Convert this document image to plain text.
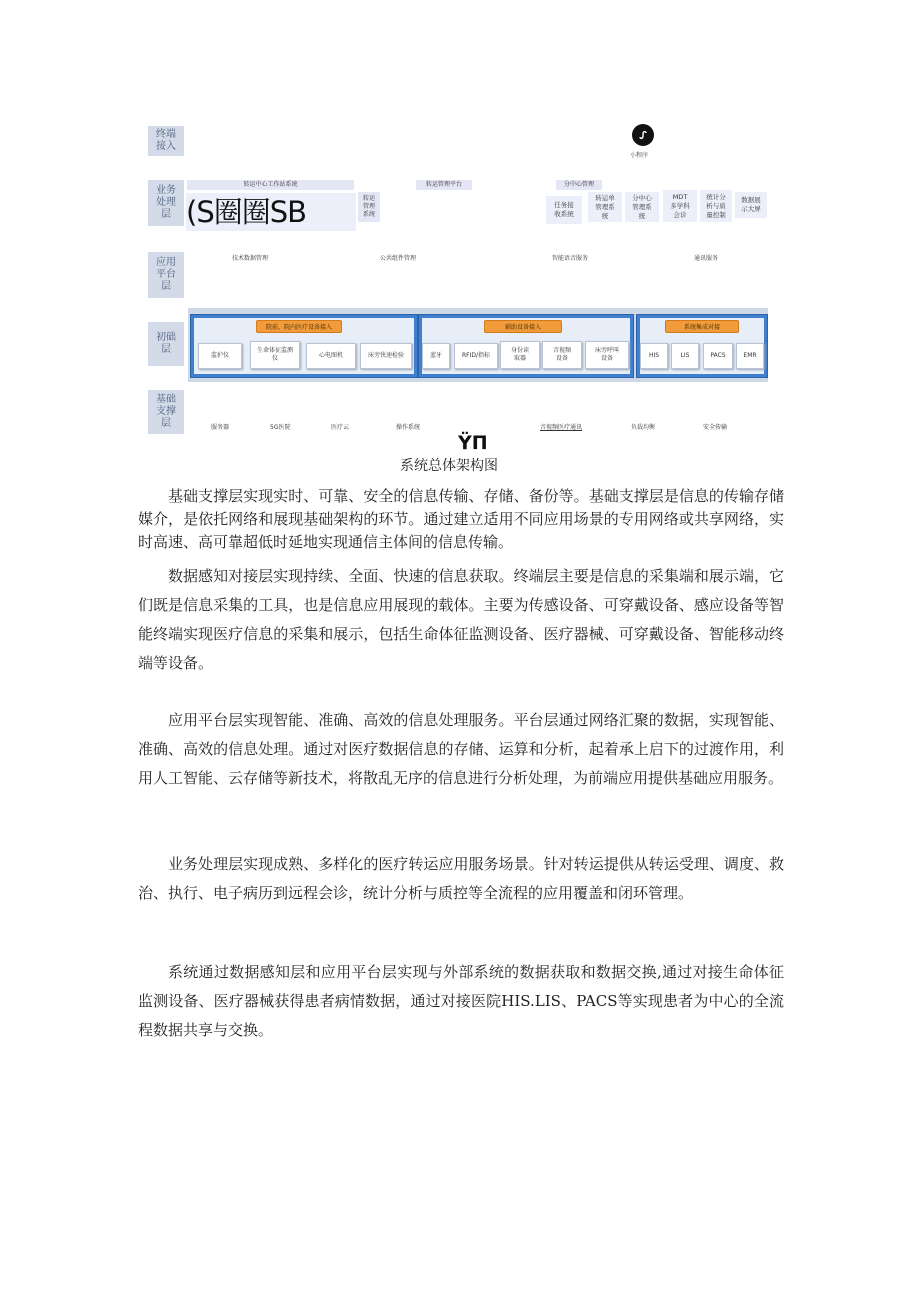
终端
接入
业务
处理
层
应用
平台
层
初础
层
基础
支撑
层
小程序
转运中心工作站系统
(S圈圈SB	转运
管理
系统
转运管理平台	分中心管理
任务接
收系统
转运单
管理系
统
分中心
管理系
统
MDT
多学科
会诊
统计分
析与质
量控制
数据展
示大屏
技术数据管理	公共组件管理	智能语音服务	通讯服务
院前、院内医疗设备接入
监护仪
生命体征监测
仪	心电图机	床旁快速检验
辅助设备接入
蓝牙	RFID/指标
身份读
取器
音视频
设备
床旁呼叫
设备
系统集成对接
HIS	LIS	PACS	EMR
服务器	5G医院	医疗云	操作系统	音视频医疗通讯	负载均衡	安全传输
ΫΠ
系统总体架构图

基础支撑层实现实时、可靠、安全的信息传输、存储、备份等。基础支撑层是信息的传输存储媒介，是依托网络和展现基础架构的环节。通过建立适用不同应用场景的专用网络或共享网络，实时高速、高可靠超低时延地实现通信主体间的信息传输。

数据感知对接层实现持续、全面、快速的信息获取。终端层主要是信息的采集端和展示端，它们既是信息采集的工具，也是信息应用展现的载体。主要为传感设备、可穿戴设备、感应设备等智能终端实现医疗信息的采集和展示，包括生命体征监测设备、医疗器械、可穿戴设备、智能移动终端等设备。

应用平台层实现智能、准确、高效的信息处理服务。平台层通过网络汇聚的数据，实现智能、准确、高效的信息处理。通过对医疗数据信息的存储、运算和分析，起着承上启下的过渡作用，利用人工智能、云存储等新技术，将散乱无序的信息进行分析处理，为前端应用提供基础应用服务。

业务处理层实现成熟、多样化的医疗转运应用服务场景。针对转运提供从转运受理、调度、救治、执行、电子病历到远程会诊，统计分析与质控等全流程的应用覆盖和闭环管理。

系统通过数据感知层和应用平台层实现与外部系统的数据获取和数据交换,通过对接生命体征监测设备、医疗器械获得患者病情数据，通过对接医院HIS.LIS、PACS等实现患者为中心的全流程数据共享与交换。
